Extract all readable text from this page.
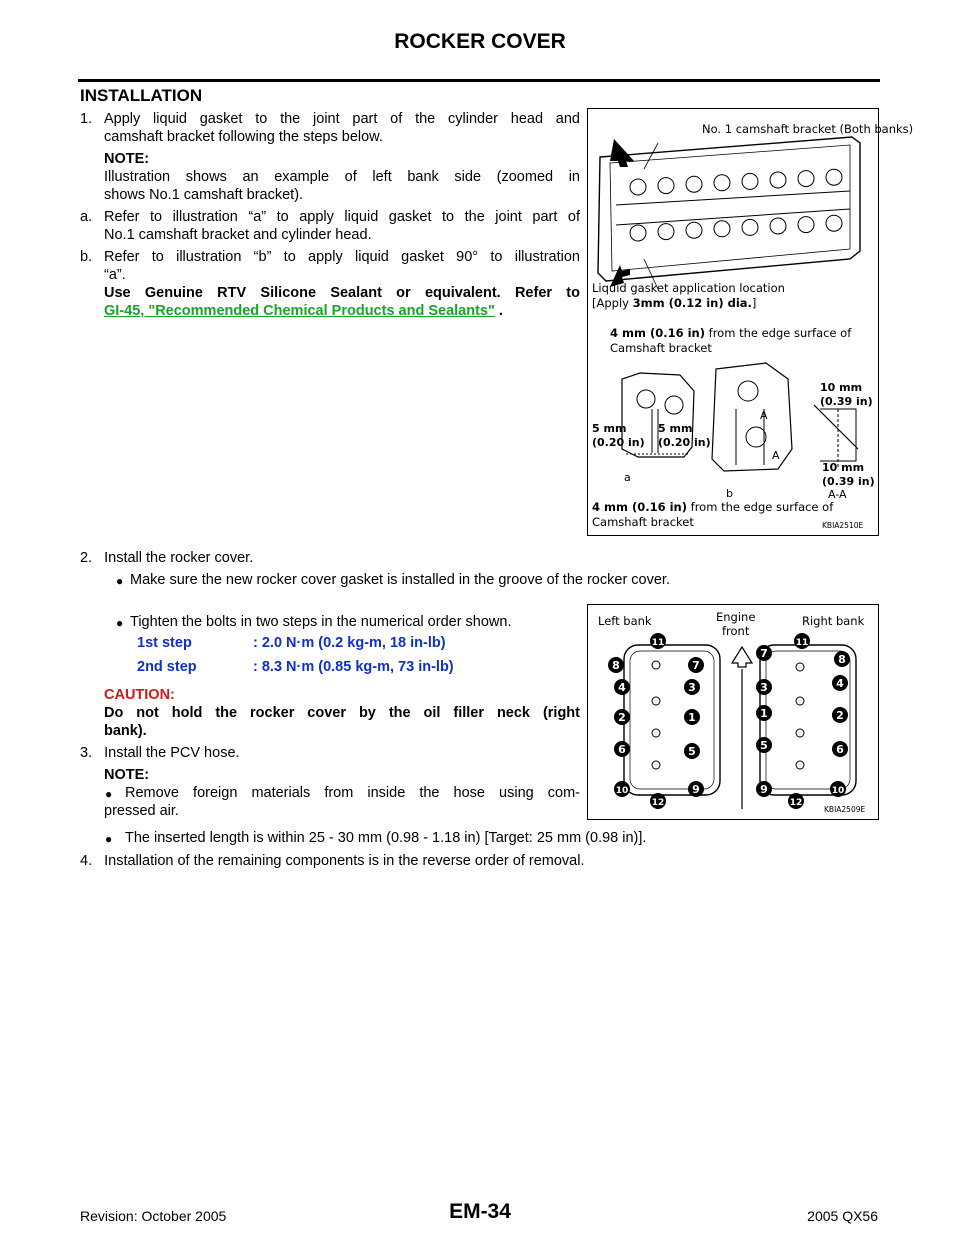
ROCKER COVER
INSTALLATION
1. Apply liquid gasket to the joint part of the cylinder head and
camshaft bracket following the steps below.
NOTE:
Illustration shows an example of left bank side (zoomed in
shows No.1 camshaft bracket).
a. Refer to illustration “a” to apply liquid gasket to the joint part of
No.1 camshaft bracket and cylinder head.
b. Refer to illustration “b” to apply liquid gasket 90° to illustration
“a”.
Use Genuine RTV Silicone Sealant or equivalent. Refer to
GI-45, "Recommended Chemical Products and Sealants" .
No. 1 camshaft bracket (Both banks)
Liquid gasket application location
[Apply 3mm (0.12 in) dia.]
4 mm (0.16 in) from the edge surface of
Camshaft bracket
5 mm
(0.20 in)
5 mm
(0.20 in)
a
A
A
b
10 mm
(0.39 in)
10 mm
(0.39 in)
A-A
4 mm (0.16 in) from the edge surface of
Camshaft bracket	KBIA2510E
2. Install the rocker cover.
● Make sure the new rocker cover gasket is installed in the groove of the rocker cover.
● Tighten the bolts in two steps in the numerical order shown.
1st step	: 2.0 N·m (0.2 kg-m, 18 in-lb)
2nd step	: 8.3 N·m (0.85 kg-m, 73 in-lb)
CAUTION:
Do not hold the rocker cover by the oil filler neck (right
bank).
3. Install the PCV hose.
NOTE:
● Remove foreign materials from inside the hose using com-
pressed air.
● The inserted length is within 25 - 30 mm (0.98 - 1.18 in) [Target: 25 mm (0.98 in)].
4. Installation of the remaining components is in the reverse order of removal.
Left bank	Engine
front
Right bank
11
8	7
4	3
2	1
6	5
10	9
12
11
7	8
3	4
1	2
5	6
9	10
12
KBIA2509E
Revision: October 2005	EM-34	2005 QX56
